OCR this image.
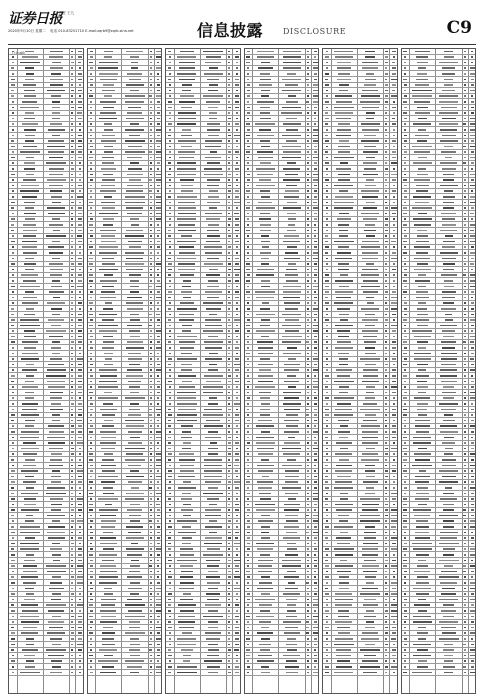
证券日报
责任 王九
2020年9月10日 星期二 电话 010-83251710 E-mail:zqrb9@zqrb.sina.net	信息披露 DISCLOSURE	C9
(上接C8版)
